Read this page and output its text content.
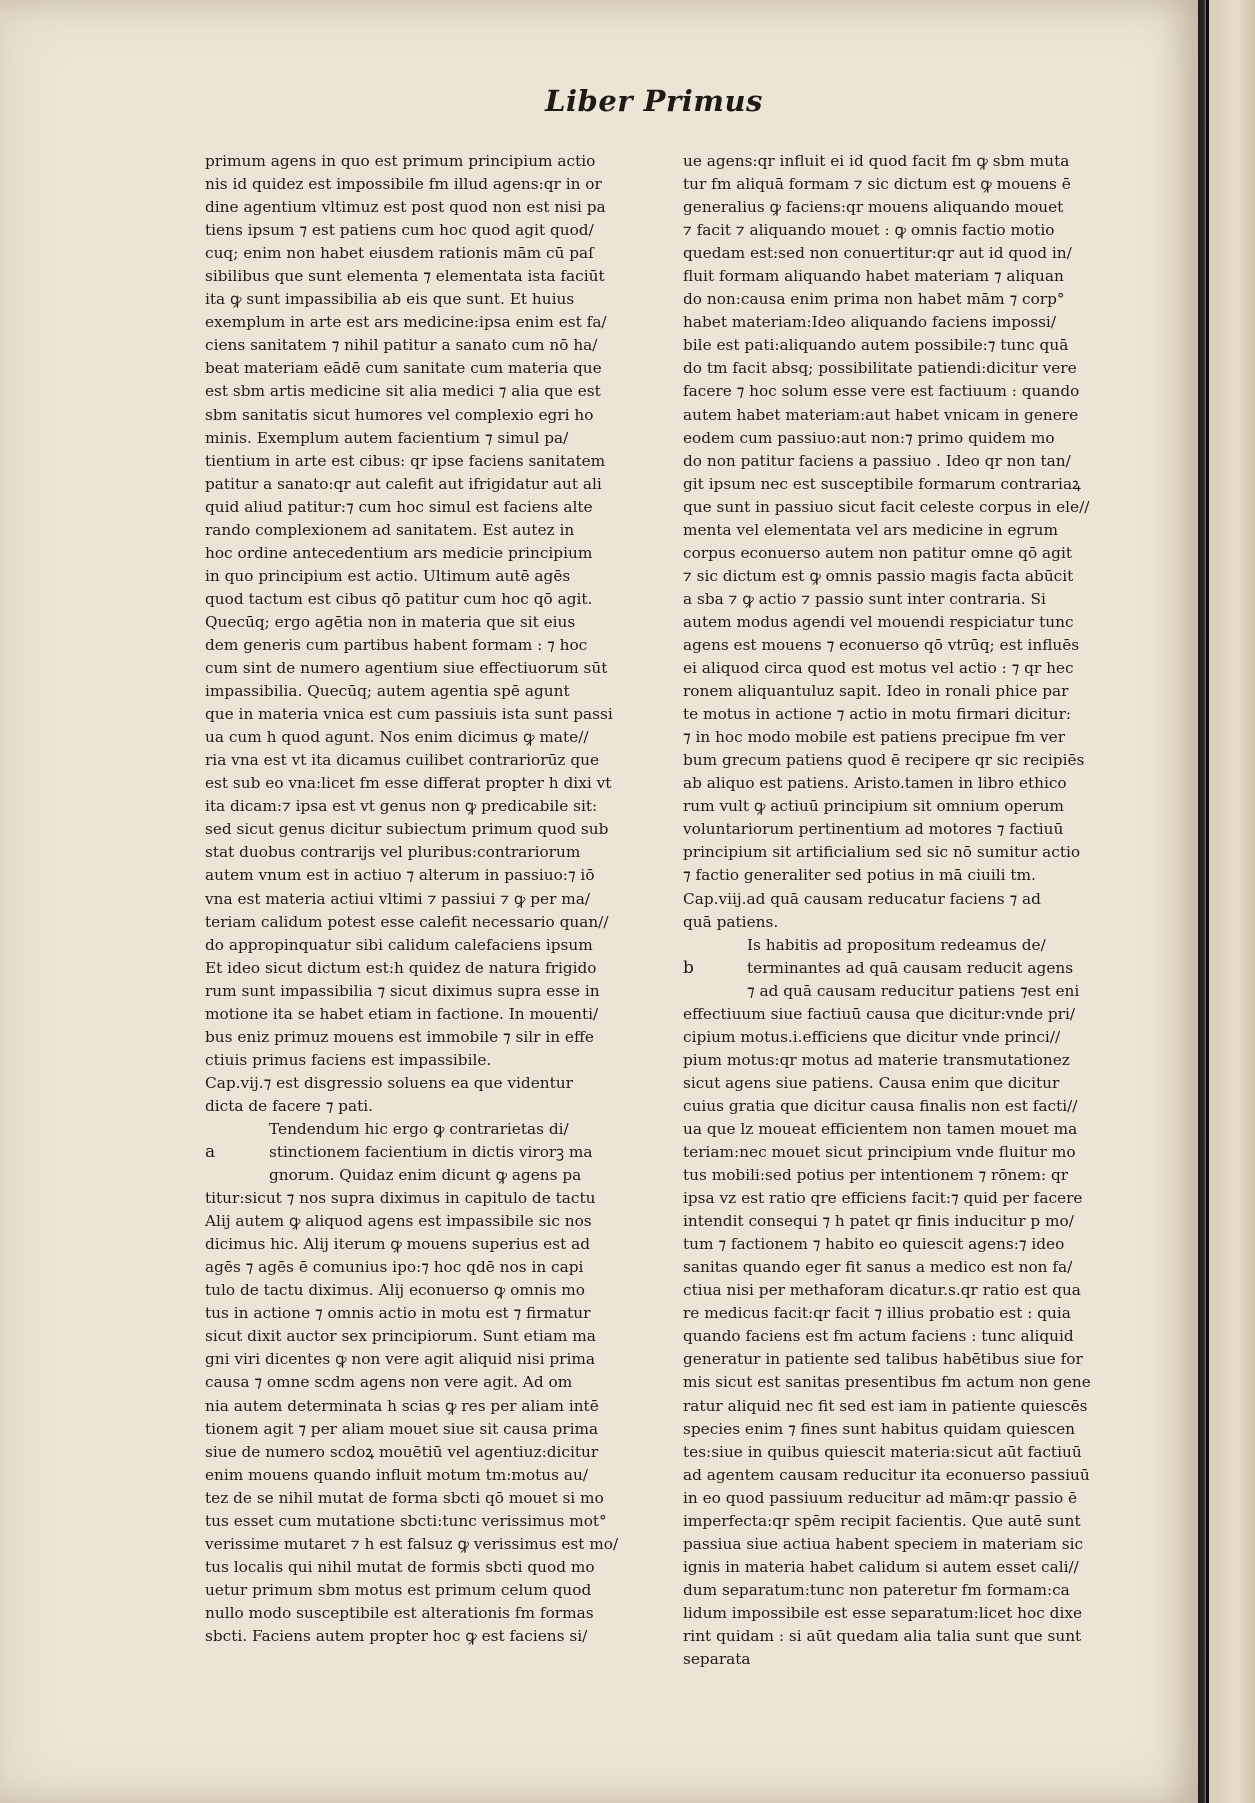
Liber Primus
primum agens in quo est primum principium actio
nis id quidez est impossibile fm illud agens:qr in or
dine agentium vltimuz est post quod non est nisi pa
tiens ipsum ⁊ est patiens cum hoc quod agit quod/
cuq; enim non habet eiusdem rationis mām cū paſ
sibilibus que sunt elementa ⁊ elementata ista faciūt
ita ꝙ sunt impassibilia ab eis que sunt. Et huius
exemplum in arte est ars medicine:ipsa enim est fa/
ciens sanitatem ⁊ nihil patitur a sanato cum nō ha/
beat materiam eādē cum sanitate cum materia que
est sbm artis medicine sit alia medici ⁊ alia que est
sbm sanitatis sicut humores vel complexio egri ho
minis. Exemplum autem facientium ⁊ simul pa/
tientium in arte est cibus: qr ipse faciens sanitatem
patitur a sanato:qr aut calefit aut ifrigidatur aut ali
quid aliud patitur:⁊ cum hoc simul est faciens alte
rando complexionem ad sanitatem. Est autez in
hoc ordine antecedentium ars medicie principium
in quo principium est actio. Ultimum autē agēs
quod tactum est cibus qō patitur cum hoc qō agit.
Quecūq; ergo agētia non in materia que sit eius
dem generis cum partibus habent formam : ⁊ hoc
cum sint de numero agentium siue effectiuorum sūt
impassibilia. Quecūq; autem agentia spē agunt
que in materia vnica est cum passiuis ista sunt passi
ua cum h quod agunt. Nos enim dicimus ꝙ mate//
ria vna est vt ita dicamus cuilibet contrariorūz que
est sub eo vna:licet fm esse differat propter h dixi vt
ita dicam:⁊ ipsa est vt genus non ꝙ predicabile sit:
sed sicut genus dicitur subiectum primum quod sub
stat duobus contrarijs vel pluribus:contrariorum
autem vnum est in actiuo ⁊ alterum in passiuo:⁊ iō
vna est materia actiui vltimi ⁊ passiui ⁊ ꝙ per ma/
teriam calidum potest esse calefit necessario quan//
do appropinquatur sibi calidum calefaciens ipsum
Et ideo sicut dictum est:h quidez de natura frigido
rum sunt impassibilia ⁊ sicut diximus supra esse in
motione ita se habet etiam in factione. In mouenti/
bus eniz primuz mouens est immobile ⁊ silr in effe
ctiuis primus faciens est impassibile.
Cap.vij.⁊ est disgressio soluens ea que videntur
dicta de facere ⁊ pati.
Tendendum hic ergo ꝙ contrarietas di/
a	stinctionem facientium in dictis virorꝫ ma
gnorum. Quidaz enim dicunt ꝙ agens pa
titur:sicut ⁊ nos supra diximus in capitulo de tactu
Alij autem ꝙ aliquod agens est impassibile sic nos
dicimus hic. Alij iterum ꝙ mouens superius est ad
agēs ⁊ agēs ē comunius ipo:⁊ hoc qdē nos in capi
tulo de tactu diximus. Alij econuerso ꝙ omnis mo
tus in actione ⁊ omnis actio in motu est ⁊ firmatur
sicut dixit auctor sex principiorum. Sunt etiam ma
gni viri dicentes ꝙ non vere agit aliquid nisi prima
causa ⁊ omne scdm agens non vere agit. Ad om
nia autem determinata h scias ꝙ res per aliam intē
tionem agit ⁊ per aliam mouet siue sit causa prima
siue de numero scdoꝝ mouētiū vel agentiuz:dicitur
enim mouens quando influit motum tm:motus au/
tez de se nihil mutat de forma sbcti qō mouet si mo
tus esset cum mutatione sbcti:tunc verissimus mot°
verissime mutaret ⁊ h est falsuz ꝙ verissimus est mo/
tus localis qui nihil mutat de formis sbcti quod mo
uetur primum sbm motus est primum celum quod
nullo modo susceptibile est alterationis fm formas
sbcti. Faciens autem propter hoc ꝙ est faciens si/
ue agens:qr influit ei id quod facit fm ꝙ sbm muta
tur fm aliquā formam ⁊ sic dictum est ꝙ mouens ē
generalius ꝙ faciens:qr mouens aliquando mouet
⁊ facit ⁊ aliquando mouet : ꝙ omnis factio motio
quedam est:sed non conuertitur:qr aut id quod in/
fluit formam aliquando habet materiam ⁊ aliquan
do non:causa enim prima non habet mām ⁊ corp°
habet materiam:Ideo aliquando faciens impossi/
bile est pati:aliquando autem possibile:⁊ tunc quā
do tm facit absq; possibilitate patiendi:dicitur vere
facere ⁊ hoc solum esse vere est factiuum : quando
autem habet materiam:aut habet vnicam in genere
eodem cum passiuo:aut non:⁊ primo quidem mo
do non patitur faciens a passiuo . Ideo qr non tan/
git ipsum nec est susceptibile formarum contrariaꝝ
que sunt in passiuo sicut facit celeste corpus in ele//
menta vel elementata vel ars medicine in egrum
corpus econuerso autem non patitur omne qō agit
⁊ sic dictum est ꝙ omnis passio magis facta abūcit
a sba ⁊ ꝙ actio ⁊ passio sunt inter contraria. Si
autem modus agendi vel mouendi respiciatur tunc
agens est mouens ⁊ econuerso qō vtrūq; est influēs
ei aliquod circa quod est motus vel actio : ⁊ qr hec
ronem aliquantuluz sapit. Ideo in ronali phice par
te motus in actione ⁊ actio in motu firmari dicitur:
⁊ in hoc modo mobile est patiens precipue fm ver
bum grecum patiens quod ē recipere qr sic recipiēs
ab aliquo est patiens. Aristo.tamen in libro ethico
rum vult ꝙ actiuū principium sit omnium operum
voluntariorum pertinentium ad motores ⁊ factiuū
principium sit artificialium sed sic nō sumitur actio
⁊ factio generaliter sed potius in mā ciuili tm.
Cap.viij.ad quā causam reducatur faciens ⁊ ad
quā patiens.
Is habitis ad propositum redeamus de/
b	terminantes ad quā causam reducit agens
⁊ ad quā causam reducitur patiens ⁊est eni
effectiuum siue factiuū causa que dicitur:vnde pri/
cipium motus.i.efficiens que dicitur vnde princi//
pium motus:qr motus ad materie transmutationez
sicut agens siue patiens. Causa enim que dicitur
cuius gratia que dicitur causa finalis non est facti//
ua que lz moueat efficientem non tamen mouet ma
teriam:nec mouet sicut principium vnde fluitur mo
tus mobili:sed potius per intentionem ⁊ rōnem: qr
ipsa vz est ratio qre efficiens facit:⁊ quid per facere
intendit consequi ⁊ h patet qr finis inducitur p mo/
tum ⁊ factionem ⁊ habito eo quiescit agens:⁊ ideo
sanitas quando eger fit sanus a medico est non fa/
ctiua nisi per methaforam dicatur.s.qr ratio est qua
re medicus facit:qr facit ⁊ illius probatio est : quia
quando faciens est fm actum faciens : tunc aliquid
generatur in patiente sed talibus habētibus siue for
mis sicut est sanitas presentibus fm actum non gene
ratur aliquid nec fit sed est iam in patiente quiescēs
species enim ⁊ fines sunt habitus quidam quiescen
tes:siue in quibus quiescit materia:sicut aūt factiuū
ad agentem causam reducitur ita econuerso passiuū
in eo quod passiuum reducitur ad mām:qr passio ē
imperfecta:qr spēm recipit facientis. Que autē sunt
passiua siue actiua habent speciem in materiam sic
ignis in materia habet calidum si autem esset cali//
dum separatum:tunc non pateretur fm formam:ca
lidum impossibile est esse separatum:licet hoc dixe
rint quidam : si aūt quedam alia talia sunt que sunt
separata
